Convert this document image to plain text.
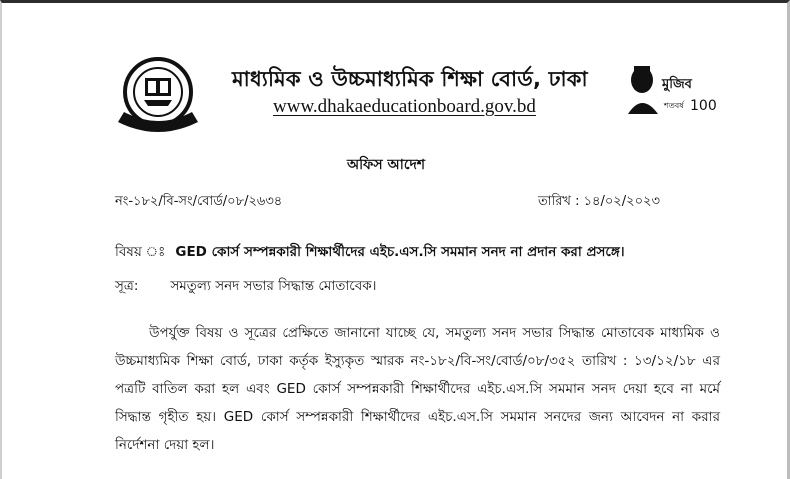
মাধ্যমিক ও উচ্চমাধ্যমিক শিক্ষা বোর্ড, ঢাকা
www.dhakaeducationboard.gov.bd
মুজিব
শতবর্ষ 100
অফিস আদেশ
নং-১৮২/বি-সং/বোর্ড/০৮/২৬৩৪	তারিখ : ১৪/০২/২০২৩
বিষয় ঃ GED কোর্স সম্পন্নকারী শিক্ষার্থীদের এইচ.এস.সি সমমান সনদ না প্রদান করা প্রসঙ্গে।
সূত্র: সমতুল্য সনদ সভার সিদ্ধান্ত মোতাবেক।
উপর্যুক্ত বিষয় ও সূত্রের প্রেক্ষিতে জানানো যাচ্ছে যে, সমতুল্য সনদ সভার সিদ্ধান্ত মোতাবেক মাধ্যমিক ও উচ্চমাধ্যমিক শিক্ষা বোর্ড, ঢাকা কর্তৃক ইস্যুকৃত স্মারক নং-১৮২/বি-সং/বোর্ড/০৮/৩৫২ তারিখ : ১৩/১২/১৮ এর পত্রটি বাতিল করা হল এবং GED কোর্স সম্পন্নকারী শিক্ষার্থীদের এইচ.এস.সি সমমান সনদ দেয়া হবে না মর্মে সিদ্ধান্ত গৃহীত হয়। GED কোর্স সম্পন্নকারী শিক্ষার্থীদের এইচ.এস.সি সমমান সনদের জন্য আবেদন না করার নির্দেশনা দেয়া হল।
